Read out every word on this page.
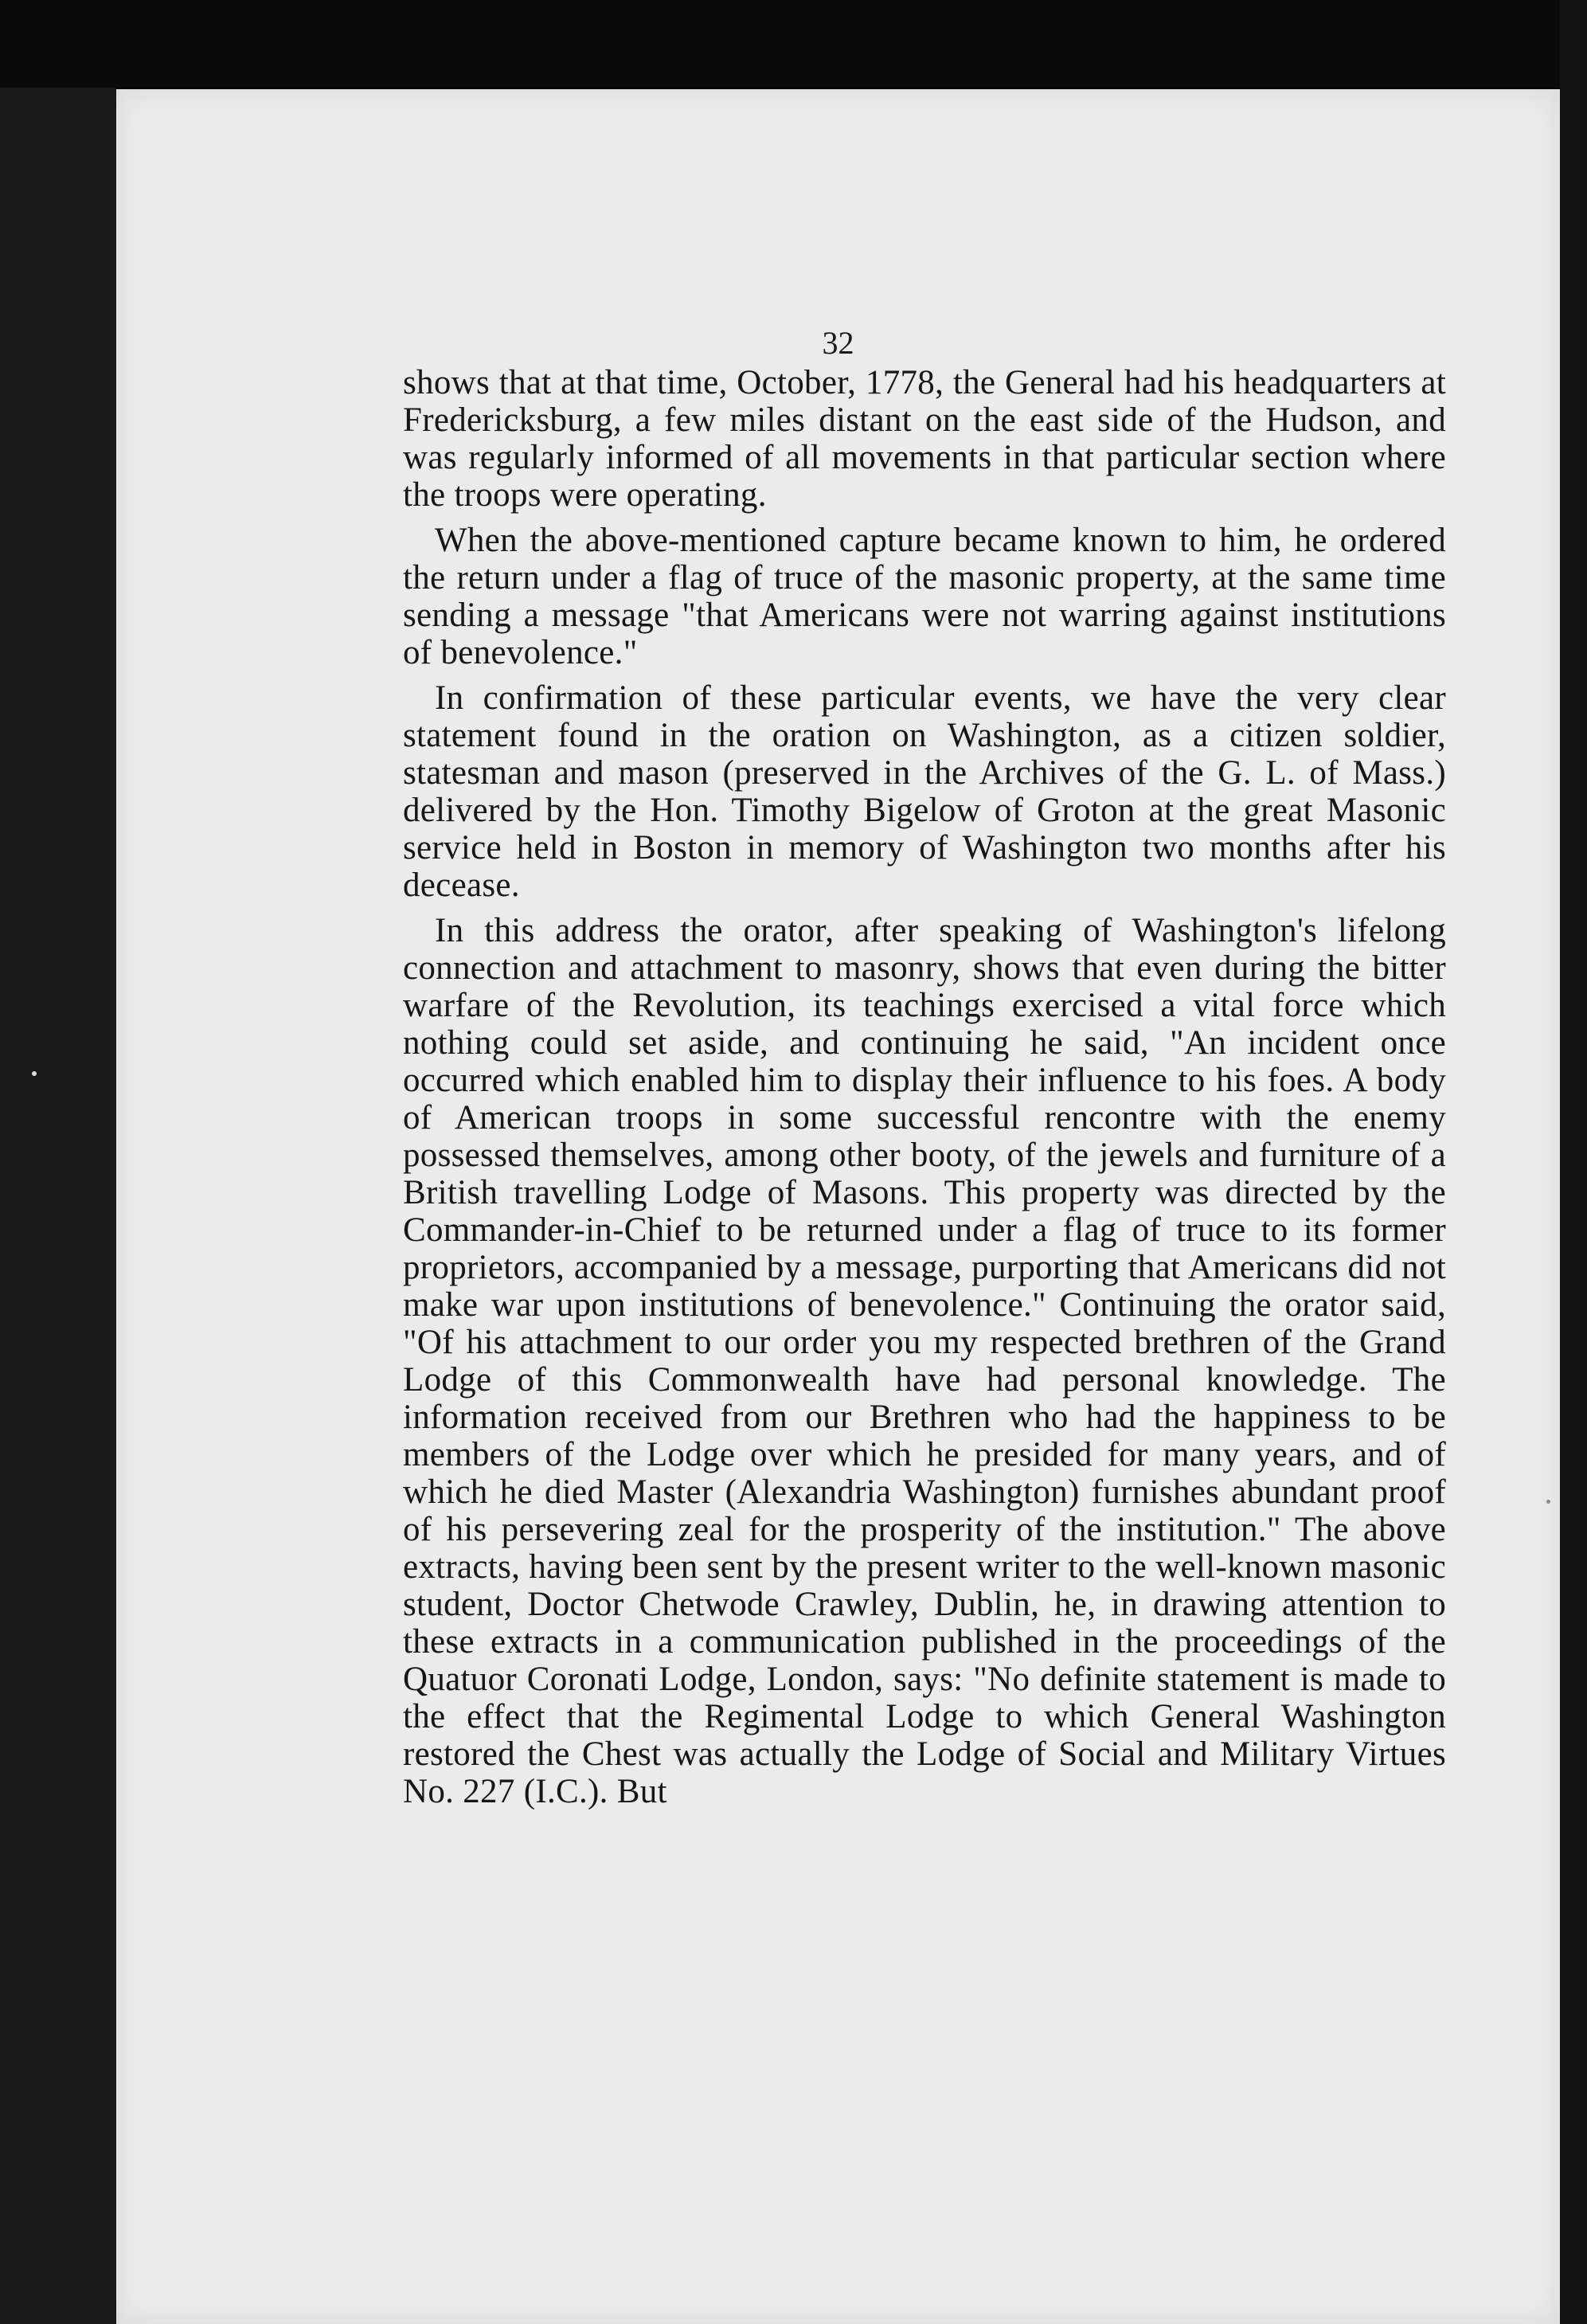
32

shows that at that time, October, 1778, the General had his headquarters at Fredericksburg, a few miles distant on the east side of the Hudson, and was regularly informed of all movements in that particular section where the troops were operating.

When the above-mentioned capture became known to him, he ordered the return under a flag of truce of the masonic property, at the same time sending a message "that Americans were not warring against institutions of benevolence."

In confirmation of these particular events, we have the very clear statement found in the oration on Washington, as a citizen soldier, statesman and mason (preserved in the Archives of the G. L. of Mass.) delivered by the Hon. Timothy Bigelow of Groton at the great Masonic service held in Boston in memory of Washington two months after his decease.

In this address the orator, after speaking of Washington's lifelong connection and attachment to masonry, shows that even during the bitter warfare of the Revolution, its teachings exercised a vital force which nothing could set aside, and continuing he said, "An incident once occurred which enabled him to display their influence to his foes. A body of American troops in some successful rencontre with the enemy possessed themselves, among other booty, of the jewels and furniture of a British travelling Lodge of Masons. This property was directed by the Commander-in-Chief to be returned under a flag of truce to its former proprietors, accompanied by a message, purporting that Americans did not make war upon institutions of benevolence." Continuing the orator said, "Of his attachment to our order you my respected brethren of the Grand Lodge of this Commonwealth have had personal knowledge. The information received from our Brethren who had the happiness to be members of the Lodge over which he presided for many years, and of which he died Master (Alexandria Washington) furnishes abundant proof of his persevering zeal for the prosperity of the institution." The above extracts, having been sent by the present writer to the well-known masonic student, Doctor Chetwode Crawley, Dublin, he, in drawing attention to these extracts in a communication published in the proceedings of the Quatuor Coronati Lodge, London, says: "No definite statement is made to the effect that the Regimental Lodge to which General Washington restored the Chest was actually the Lodge of Social and Military Virtues No. 227 (I.C.). But
